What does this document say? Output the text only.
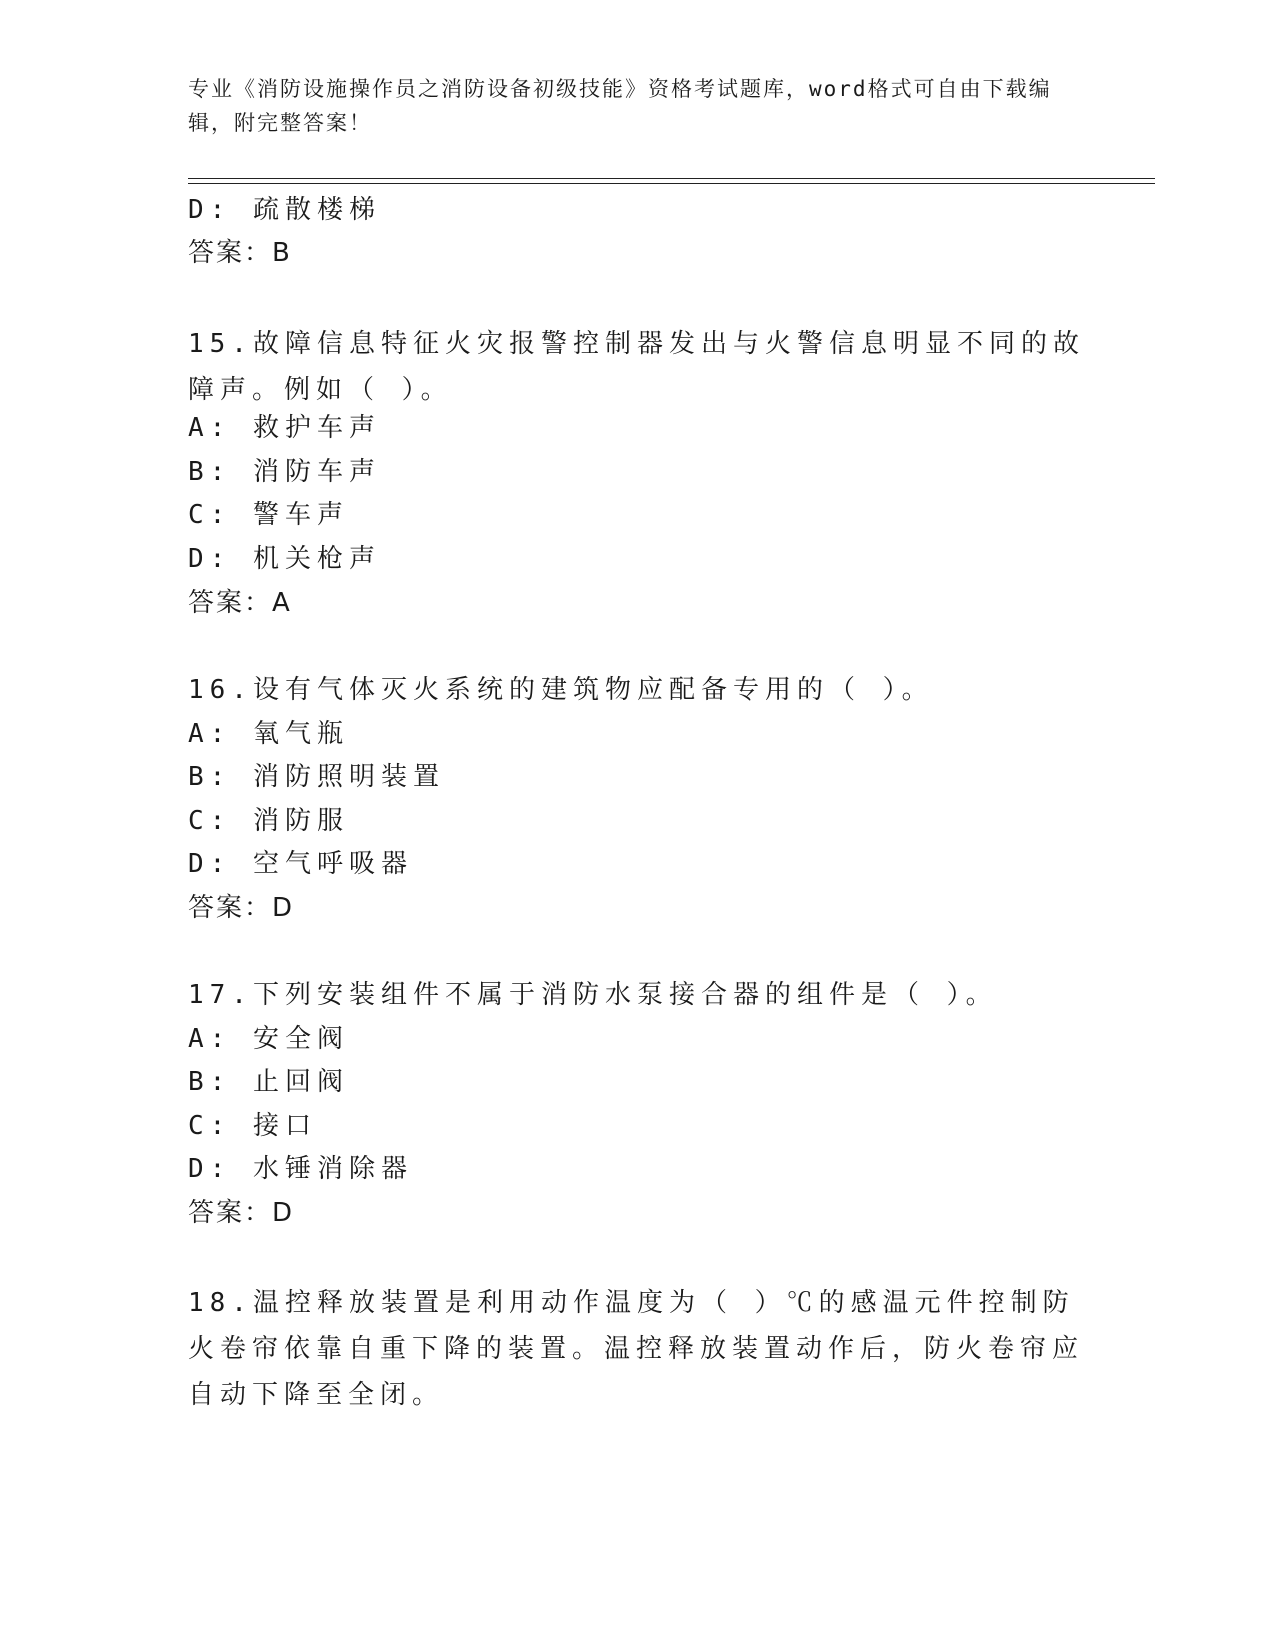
专业《消防设施操作员之消防设备初级技能》资格考试题库，word格式可自由下载编辑，附完整答案！
D: 疏散楼梯
答案：B
15.故障信息特征火灾报警控制器发出与火警信息明显不同的故障声。例如（ ）。
A: 救护车声
B: 消防车声
C: 警车声
D: 机关枪声
答案：A
16.设有气体灭火系统的建筑物应配备专用的（ ）。
A: 氧气瓶
B: 消防照明装置
C: 消防服
D: 空气呼吸器
答案：D
17.下列安装组件不属于消防水泵接合器的组件是（ ）。
A: 安全阀
B: 止回阀
C: 接口
D: 水锤消除器
答案：D
18.温控释放装置是利用动作温度为（ ）℃的感温元件控制防火卷帘依靠自重下降的装置。温控释放装置动作后，防火卷帘应自动下降至全闭。
